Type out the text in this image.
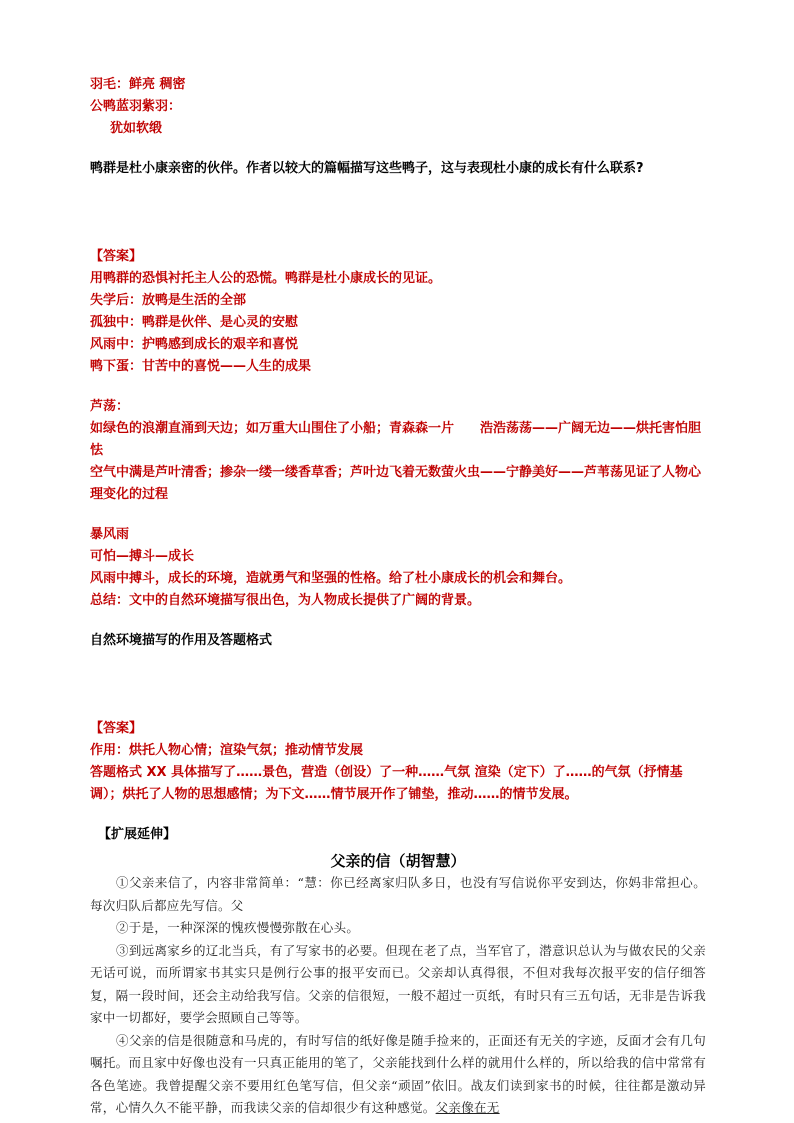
羽毛：鲜亮 稠密
公鸭蓝羽紫羽：
犹如软缎
鸭群是杜小康亲密的伙伴。作者以较大的篇幅描写这些鸭子，这与表现杜小康的成长有什么联系?
【答案】
用鸭群的恐惧衬托主人公的恐慌。鸭群是杜小康成长的见证。
失学后：放鸭是生活的全部
孤独中：鸭群是伙伴、是心灵的安慰
风雨中：护鸭感到成长的艰辛和喜悦
鸭下蛋：甘苦中的喜悦——人生的成果
芦荡：
如绿色的浪潮直涌到天边；如万重大山围住了小船；青森森一片　　浩浩荡荡——广阔无边——烘托害怕胆怯
空气中满是芦叶清香；掺杂一缕一缕香草香；芦叶边飞着无数萤火虫——宁静美好——芦苇荡见证了人物心理变化的过程
暴风雨
可怕—搏斗—成长
风雨中搏斗，成长的环境，造就勇气和坚强的性格。给了杜小康成长的机会和舞台。
总结：文中的自然环境描写很出色，为人物成长提供了广阔的背景。
自然环境描写的作用及答题格式
【答案】
作用：烘托人物心情；渲染气氛；推动情节发展
答题格式 XX 具体描写了……景色，营造（创设）了一种……气氛 渲染（定下）了……的气氛（抒情基调）；烘托了人物的思想感情；为下文……情节展开作了铺垫，推动……的情节发展。
【扩展延伸】
父亲的信（胡智慧）

①父亲来信了，内容非常简单：“慧：你已经离家归队多日，也没有写信说你平安到达，你妈非常担心。每次归队后都应先写信。父

②于是，一种深深的愧疚慢慢弥散在心头。

③到远离家乡的辽北当兵，有了写家书的必要。但现在老了点，当军官了，潜意识总认为与做农民的父亲无话可说，而所谓家书其实只是例行公事的报平安而已。父亲却认真得很，不但对我每次报平安的信仔细答复，隔一段时间，还会主动给我写信。父亲的信很短，一般不超过一页纸，有时只有三五句话，无非是告诉我家中一切都好，要学会照顾自己等等。

④父亲的信是很随意和马虎的，有时写信的纸好像是随手捡来的，正面还有无关的字迹，反面才会有几句嘱托。而且家中好像也没有一只真正能用的笔了，父亲能找到什么样的就用什么样的，所以给我的信中常常有各色笔迹。我曾提醒父亲不要用红色笔写信，但父亲“顽固”依旧。战友们读到家书的时候，往往都是激动异常，心情久久不能平静，而我读父亲的信却很少有这种感觉。父亲像在无
